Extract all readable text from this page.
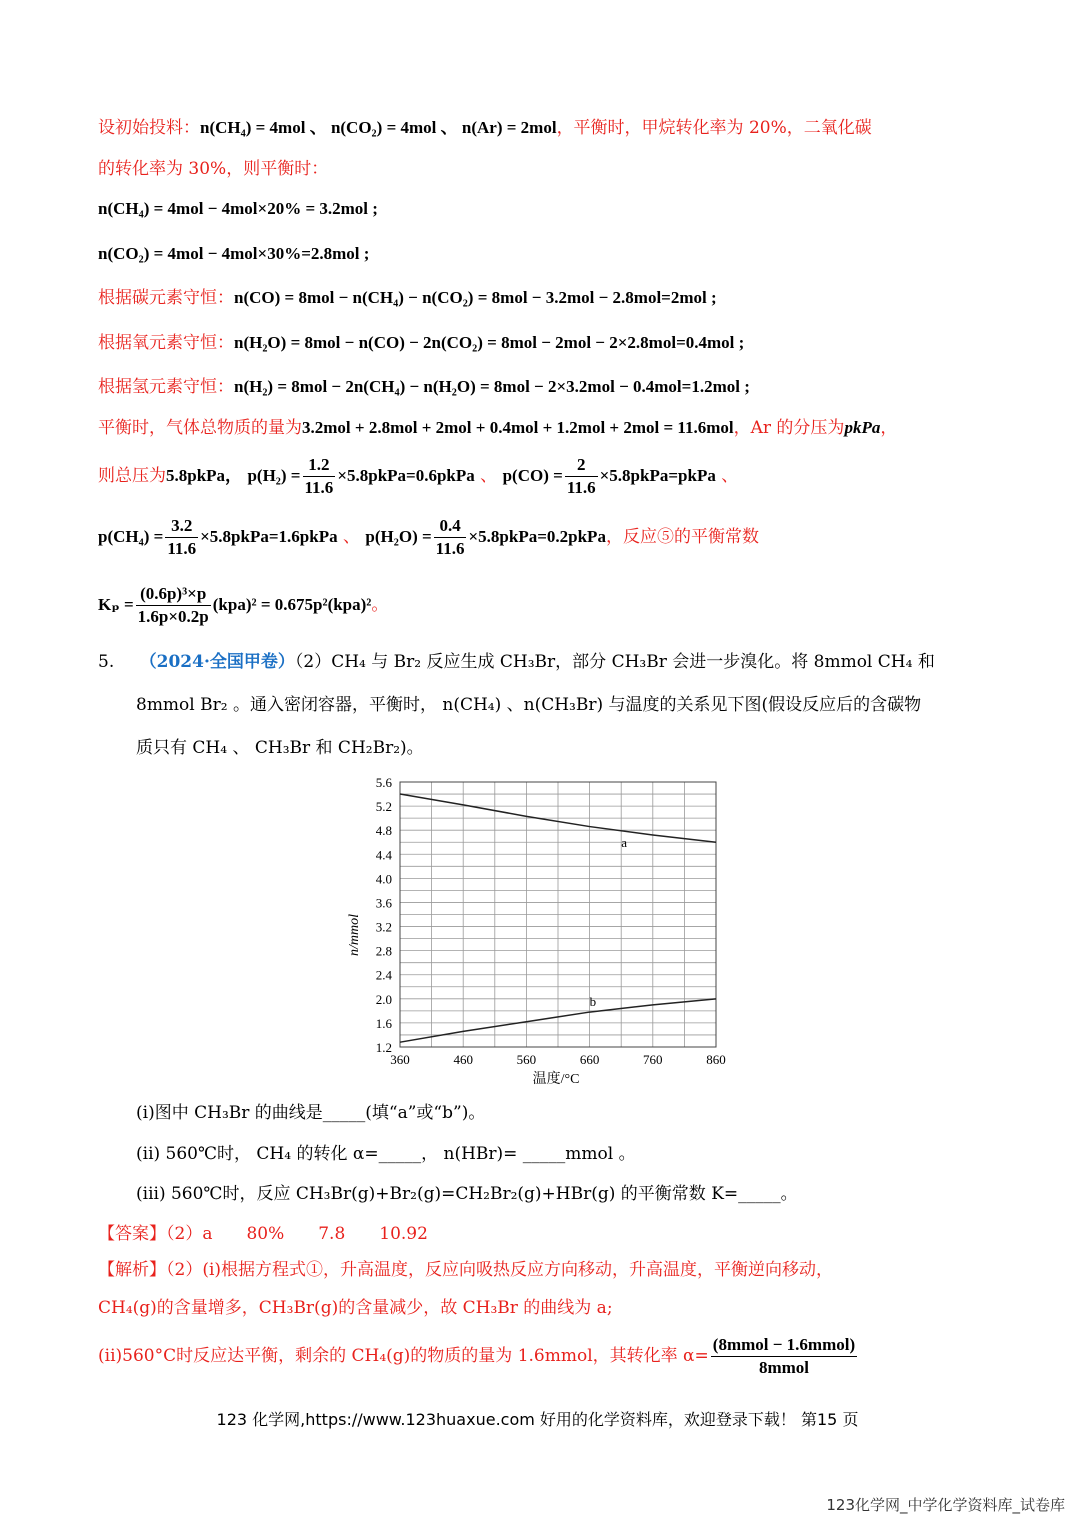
设初始投料：n(CH₄) = 4mol 、 n(CO₂) = 4mol 、 n(Ar) = 2mol，平衡时，甲烷转化率为 20%，二氧化碳
的转化率为 30%，则平衡时：
n(CH₄) = 4mol − 4mol×20% = 3.2mol ;
n(CO₂) = 4mol − 4mol×30%=2.8mol ;
根据碳元素守恒：n(CO) = 8mol − n(CH₄) − n(CO₂) = 8mol − 3.2mol − 2.8mol=2mol ;
根据氧元素守恒：n(H₂O) = 8mol − n(CO) − 2n(CO₂) = 8mol − 2mol − 2×2.8mol=0.4mol ;
根据氢元素守恒：n(H₂) = 8mol − 2n(CH₄) − n(H₂O) = 8mol − 2×3.2mol − 0.4mol=1.2mol ;
平衡时，气体总物质的量为3.2mol + 2.8mol + 2mol + 0.4mol + 1.2mol + 2mol = 11.6mol，Ar 的分压为pkPa，
则总压为5.8pkPa， $p(H_2) = \frac{1.2}{11.6}$ ×5.8pkPa=0.6pkPa 、 $p(CO) = \frac{2}{11.6}$ ×5.8pkPa=pkPa 、
$p(CH_4) = \frac{3.2}{11.6}$ ×5.8pkPa=1.6pkPa 、 $p(H_2O) = \frac{0.4}{11.6}$ ×5.8pkPa=0.2pkPa，反应⑤的平衡常数
$K_p = \frac{\text{(0.6p)³×p}}{1.6p\times 0.2p} (kpa)^2 = 0.675p^2(kpa)^2$。
5. （2024·全国甲卷）（2）CH₄ 与 Br₂ 反应生成 CH₃Br，部分 CH₃Br 会进一步溴化。将 8mmol CH₄ 和
8mmol Br₂ 。通入密闭容器，平衡时， n(CH₄) 、n(CH₃Br) 与温度的关系见下图(假设反应后的含碳物
质只有 CH₄ 、 CH₃Br 和 CH₂Br₂)。
1.2
1.6
2.0
2.4
2.8
3.2
3.6
4.0
4.4
4.8
5.2
5.6
360	460	560	660	760	860
a
b
n/mmol
温度/°C
(i)图中 CH₃Br 的曲线是_____(填“a”或“b”)。
(ii) 560℃时， CH₄ 的转化 α=_____， n(HBr)= _____mmol 。
(iii) 560℃时，反应 CH₃Br(g)+Br₂(g)=CH₂Br₂(g)+HBr(g) 的平衡常数 K=_____。
【答案】（2）a　　80%　　7.8　　10.92
【解析】（2）(i)根据方程式①，升高温度，反应向吸热反应方向移动，升高温度，平衡逆向移动，
CH₄(g)的含量增多，CH₃Br(g)的含量减少，故 CH₃Br 的曲线为 a;
(ii)560°C时反应达平衡，剩余的 CH₄(g)的物质的量为 1.6mmol，其转化率 $\alpha= \frac{\text{(8mmol − 1.6mmol)}}{\text{8mmol}}$
123 化学网,https://www.123huaxue.com 好用的化学资料库，欢迎登录下载！ 第15 页
123化学网_中学化学资料库_试卷库
